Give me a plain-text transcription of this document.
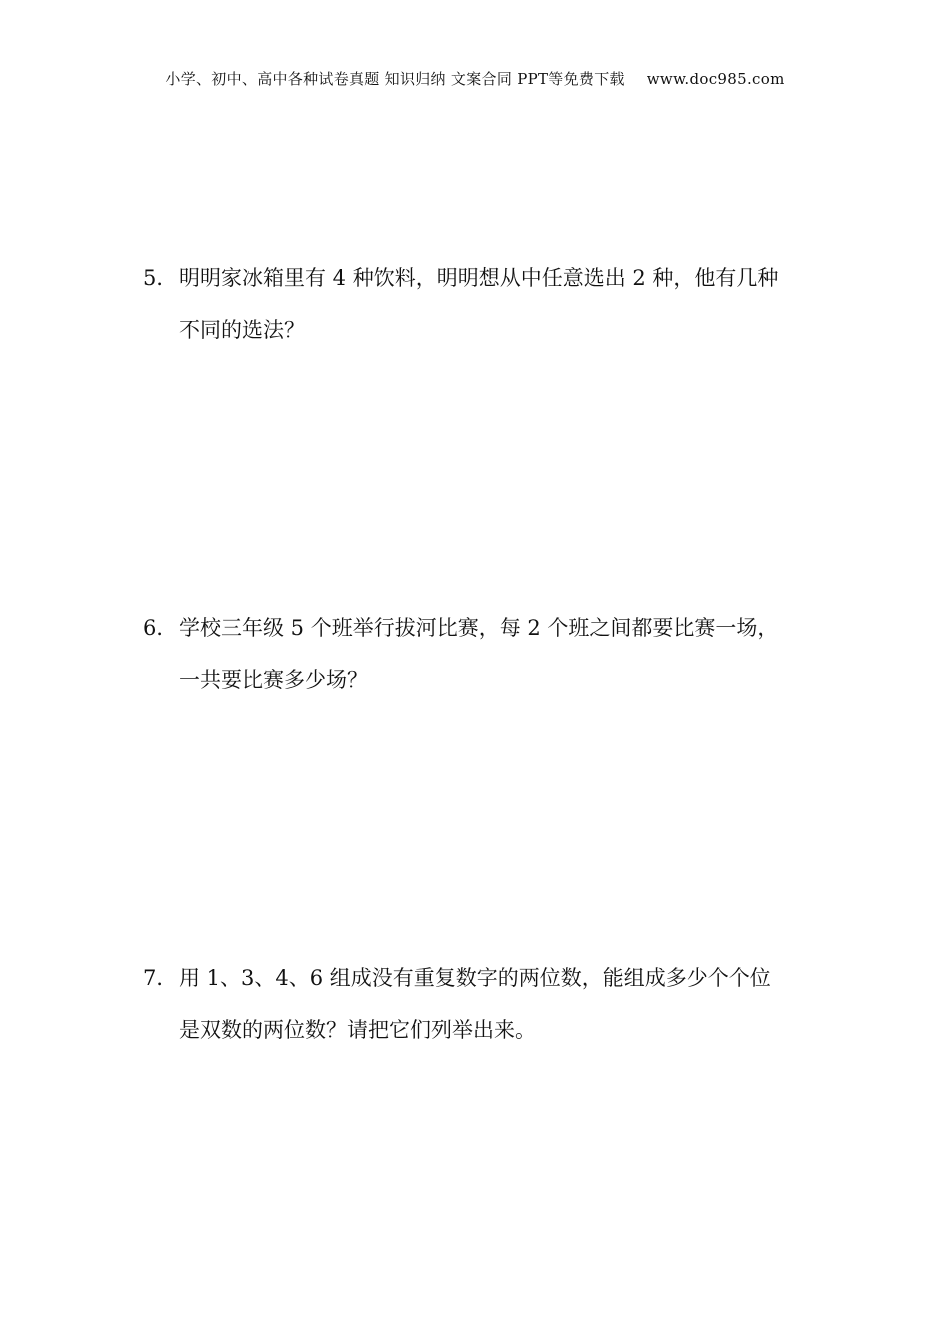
小学、初中、高中各种试卷真题 知识归纳 文案合同 PPT等免费下载 www.doc985.com
5．明明家冰箱里有 4 种饮料，明明想从中任意选出 2 种，他有几种
不同的选法？
6．学校三年级 5 个班举行拔河比赛，每 2 个班之间都要比赛一场，
一共要比赛多少场？
7．用 1、3、4、6 组成没有重复数字的两位数，能组成多少个个位
是双数的两位数？请把它们列举出来。
